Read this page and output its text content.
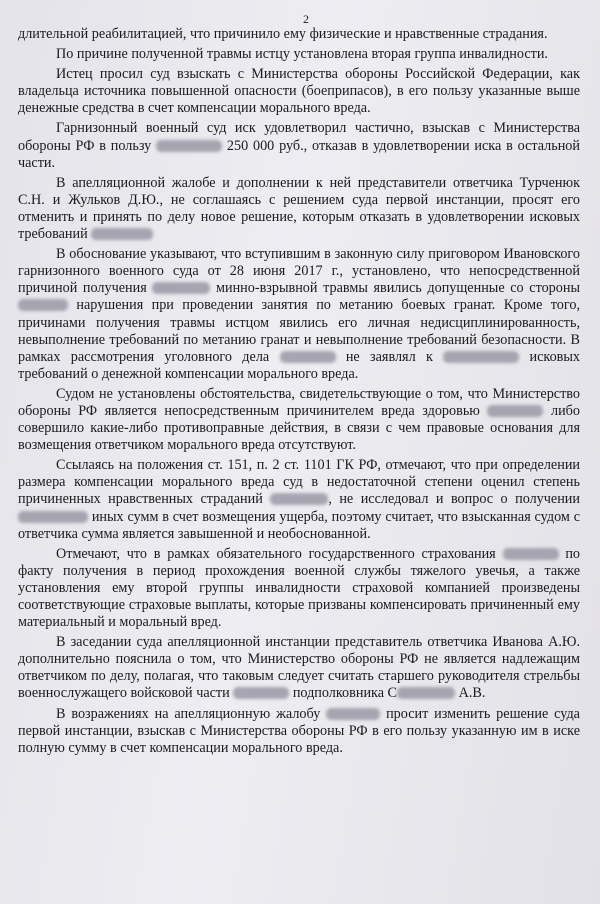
2

длительной реабилитацией, что причинило ему физические и нравственные страдания.

По причине полученной травмы истцу установлена вторая группа инвалидности.

Истец просил суд взыскать с Министерства обороны Российской Федерации, как владельца источника повышенной опасности (боеприпасов), в его пользу указанные выше денежные средства в счет компенсации морального вреда.

Гарнизонный военный суд иск удовлетворил частично, взыскав с Министерства обороны РФ в пользу	250 000 руб., отказав в удовлетворении иска в остальной части.

В апелляционной жалобе и дополнении к ней представители ответчика Турченюк С.Н. и Жульков Д.Ю., не соглашаясь с решением суда первой инстанции, просят его отменить и принять по делу новое решение, которым отказать в удовлетворении исковых требований

В обоснование указывают, что вступившим в законную силу приговором Ивановского гарнизонного военного суда от 28 июня 2017 г., установлено, что непосредственной причиной получения	минно-взрывной травмы явились допущенные со стороны  нарушения при проведении занятия по метанию боевых гранат. Кроме того, причинами получения травмы истцом явились его личная недисциплинированность, невыполнение требований по метанию гранат и невыполнение требований безопасности. В рамках рассмотрения уголовного дела	не заявлял к	исковых требований о денежной компенсации морального вреда.

Судом не установлены обстоятельства, свидетельствующие о том, что Министерство обороны РФ является непосредственным причинителем вреда здоровью	либо совершило какие-либо противоправные действия, в связи с чем правовые основания для возмещения ответчиком морального вреда отсутствуют.

Ссылаясь на положения ст. 151, п. 2 ст. 1101 ГК РФ, отмечают, что при определении размера компенсации морального вреда суд в недостаточной степени оценил степень причиненных нравственных страданий	, не исследовал и вопрос о получении  иных сумм в счет возмещения ущерба, поэтому считает, что взысканная судом с ответчика сумма является завышенной и необоснованной.

Отмечают, что в рамках обязательного государственного страхования	по факту получения в период прохождения военной службы тяжелого увечья, а также установления ему второй группы инвалидности страховой компанией произведены соответствующие страховые выплаты, которые призваны компенсировать причиненный ему материальный и моральный вред.

В заседании суда апелляционной инстанции представитель ответчика Иванова А.Ю. дополнительно пояснила о том, что Министерство обороны РФ не является надлежащим ответчиком по делу, полагая, что таковым следует считать старшего руководителя стрельбы военнослужащего войсковой части	подполковника С	А.В.

В возражениях на апелляционную жалобу	просит изменить решение суда первой инстанции, взыскав с Министерства обороны РФ в его пользу указанную им в иске полную сумму в счет компенсации морального вреда.
